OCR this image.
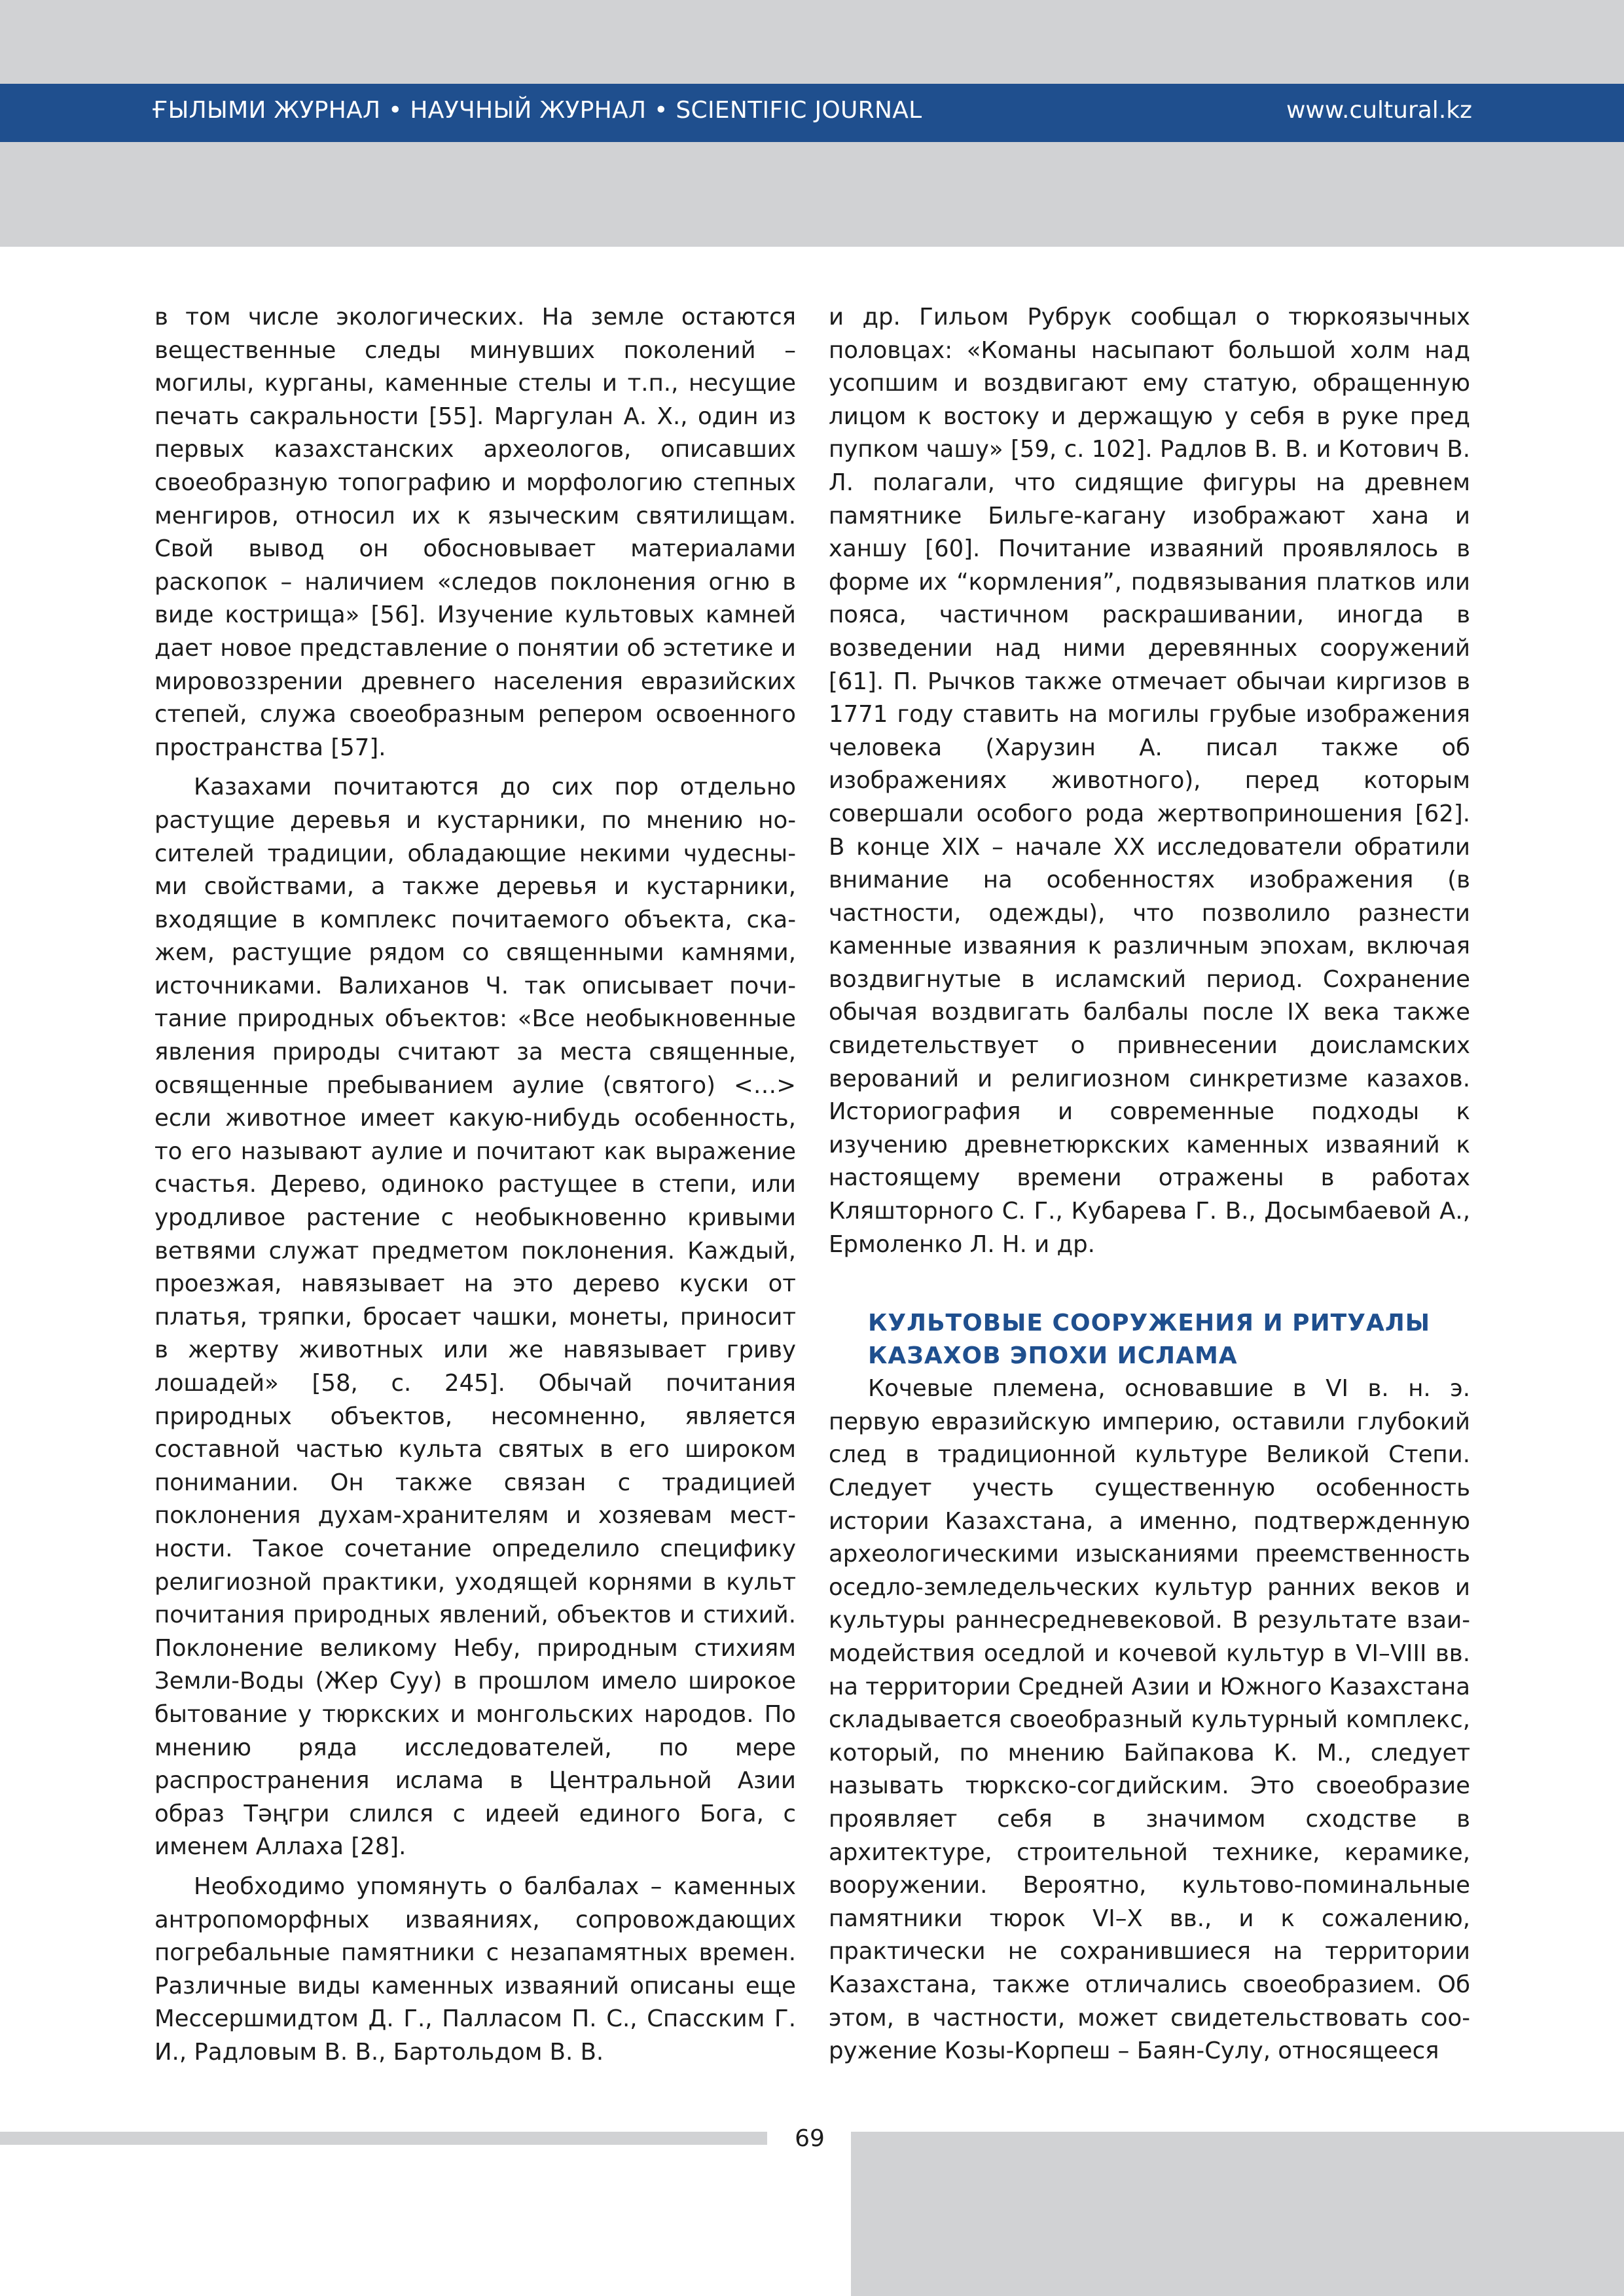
ҒЫЛЫМИ ЖУРНАЛ • НАУЧНЫЙ ЖУРНАЛ • SCIENTIFIC JOURNAL	www.cultural.kz

в том числе экологических. На земле остаются вещественные следы минувших поколений – могилы, курганы, каменные стелы и т.п., несущие печать сакральности [55]. Маргулан А. Х., один из первых казахстанских археологов, описавших своеобразную топографию и морфологию степных менгиров, относил их к языческим святилищам. Свой вывод он обосновывает материалами раскопок – наличием «следов поклонения огню в виде кострища» [56]. Изучение культовых камней дает новое представление о понятии об эстетике и мировоззрении древнего населения евразийских степей, служа своеобразным репером освоенного пространства [57].

Казахами почитаются до сих пор отдельно растущие деревья и кустарники, по мнению носителей традиции, обладающие некими чудесными свойствами, а также деревья и кустарники, входящие в комплекс почитаемого объекта, скажем, растущие рядом со священными камнями, источниками. Валиханов Ч. так описывает почитание природных объектов: «Все необыкновенные явления природы считают за места священные, освященные пребыванием аулие (святого) <…> если животное имеет какую-нибудь особенность, то его называют аулие и почитают как выражение счастья. Дерево, одиноко растущее в степи, или уродливое растение с необыкновенно кривыми ветвями служат предметом поклонения. Каждый, проезжая, навязывает на это дерево куски от платья, тряпки, бросает чашки, монеты, приносит в жертву животных или же навязывает гриву лошадей» [58, с. 245]. Обычай почитания природных объектов, несомненно, является составной частью культа святых в его широком понимании. Он также связан с традицией поклонения духам-хранителям и хозяевам местности. Такое сочетание определило специфику религиозной практики, уходящей корнями в культ почитания природных явлений, объектов и стихий. Поклонение великому Небу, природным стихиям Земли-Воды (Жер Суу) в прошлом имело широкое бытование у тюркских и монгольских народов. По мнению ряда исследователей, по мере распространения ислама в Центральной Азии образ Тәңгри слился с идеей единого Бога, с именем Аллаха [28].

Необходимо упомянуть о балбалах – каменных антропоморфных изваяниях, сопровождающих погребальные памятники с незапамятных времен. Различные виды каменных изваяний описаны еще Мессершмидтом Д. Г., Палласом П. С., Спасским Г. И., Радловым В. В., Бартольдом В. В.

и др. Гильом Рубрук сообщал о тюркоязычных половцах: «Команы насыпают большой холм над усопшим и воздвигают ему статую, обращенную лицом к востоку и держащую у себя в руке пред пупком чашу» [59, с. 102]. Радлов В. В. и Котович В. Л. полагали, что сидящие фигуры на древнем памятнике Бильге-кагану изображают хана и ханшу [60]. Почитание изваяний проявлялось в форме их “кормления”, подвязывания платков или пояса, частичном раскрашивании, иногда в возведении над ними деревянных сооружений [61]. П. Рычков также отмечает обычаи киргизов в 1771 году ставить на могилы грубые изображения человека (Харузин А. писал также об изображениях животного), перед которым совершали особого рода жертвоприношения [62]. В конце XIX – начале XX исследователи обратили внимание на особенностях изображения (в частности, одежды), что позволило разнести каменные изваяния к различным эпохам, включая воздвигнутые в исламский период. Сохранение обычая воздвигать балбалы после IX века также свидетельствует о привнесении доисламских верований и религиозном синкретизме казахов. Историография и современные подходы к изучению древнетюркских каменных изваяний к настоящему времени отражены в работах Кляшторного С. Г., Кубарева Г. В., Досымбаевой А., Ермоленко Л. Н. и др.

КУЛЬТОВЫЕ СООРУЖЕНИЯ И РИТУАЛЫ КАЗАХОВ ЭПОХИ ИСЛАМА

Кочевые племена, основавшие в VI в. н. э. первую евразийскую империю, оставили глубокий след в традиционной культуре Великой Степи. Следует учесть существенную особенность истории Казахстана, а именно, подтвержденную археологическими изысканиями преемственность оседло-земледельческих культур ранних веков и культуры раннесредневековой. В результате взаимодействия оседлой и кочевой культур в VI–VIII вв. на территории Средней Азии и Южного Казахстана складывается своеобразный культурный комплекс, который, по мнению Байпакова К. М., следует называть тюркско-согдийским. Это своеобразие проявляет себя в значимом сходстве в архитектуре, строительной технике, керамике, вооружении. Вероятно, культово-поминальные памятники тюрок VI–X вв., и к сожалению, практически не сохранившиеся на территории Казахстана, также отличались своеобразием. Об этом, в частности, может свидетельствовать сооружение Козы-Корпеш – Баян-Сулу, относящееся

69
